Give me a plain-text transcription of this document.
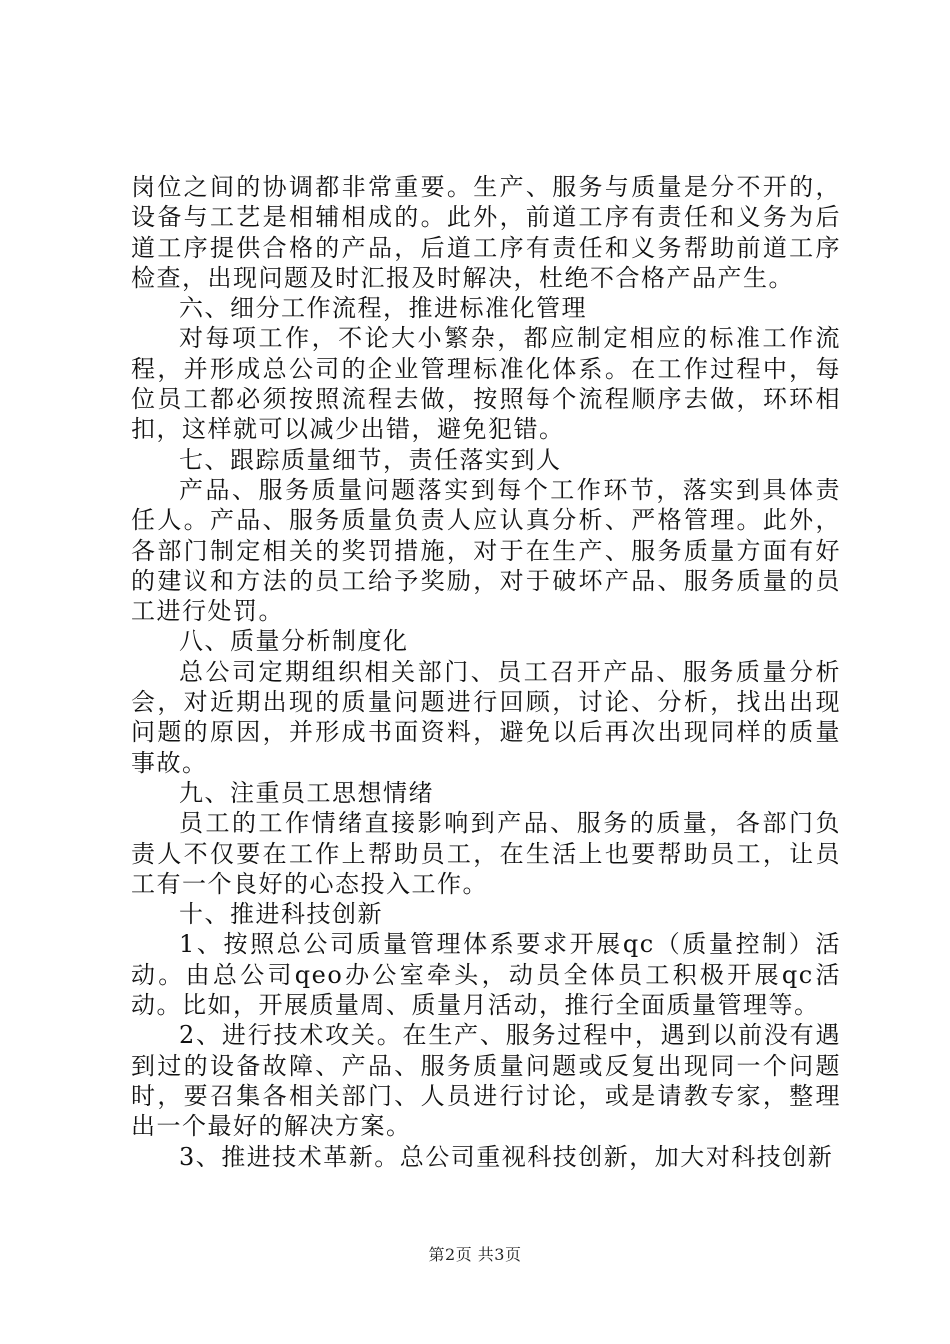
岗位之间的协调都非常重要。生产、服务与质量是分不开的，设备与工艺是相辅相成的。此外，前道工序有责任和义务为后道工序提供合格的产品，后道工序有责任和义务帮助前道工序检查，出现问题及时汇报及时解决，杜绝不合格产品产生。

六、细分工作流程，推进标准化管理

对每项工作，不论大小繁杂，都应制定相应的标准工作流程，并形成总公司的企业管理标准化体系。在工作过程中，每位员工都必须按照流程去做，按照每个流程顺序去做，环环相扣，这样就可以减少出错，避免犯错。

七、跟踪质量细节，责任落实到人

产品、服务质量问题落实到每个工作环节，落实到具体责任人。产品、服务质量负责人应认真分析、严格管理。此外，各部门制定相关的奖罚措施，对于在生产、服务质量方面有好的建议和方法的员工给予奖励，对于破坏产品、服务质量的员工进行处罚。

八、质量分析制度化

总公司定期组织相关部门、员工召开产品、服务质量分析会，对近期出现的质量问题进行回顾，讨论、分析，找出出现问题的原因，并形成书面资料，避免以后再次出现同样的质量事故。

九、注重员工思想情绪

员工的工作情绪直接影响到产品、服务的质量，各部门负责人不仅要在工作上帮助员工，在生活上也要帮助员工，让员工有一个良好的心态投入工作。

十、推进科技创新

1、按照总公司质量管理体系要求开展qc（质量控制）活动。由总公司qeo办公室牵头，动员全体员工积极开展qc活动。比如，开展质量周、质量月活动，推行全面质量管理等。

2、进行技术攻关。在生产、服务过程中，遇到以前没有遇到过的设备故障、产品、服务质量问题或反复出现同一个问题时，要召集各相关部门、人员进行讨论，或是请教专家，整理出一个最好的解决方案。

3、推进技术革新。总公司重视科技创新，加大对科技创新

第2页 共3页
